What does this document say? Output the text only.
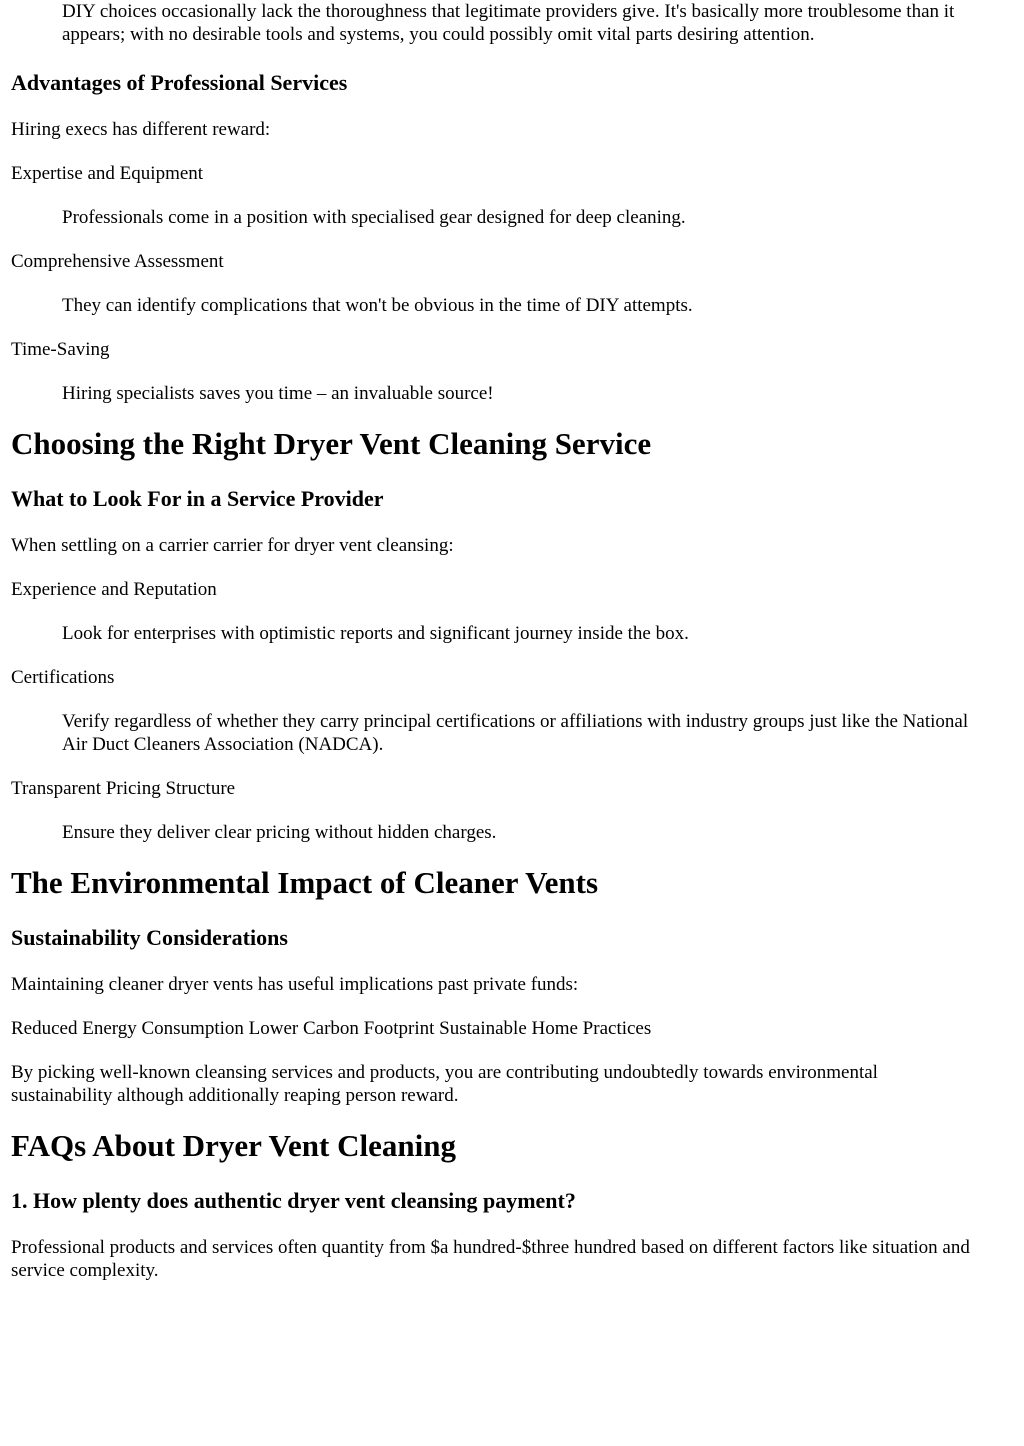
DIY choices occasionally lack the thoroughness that legitimate providers give. It's basically more troublesome than it appears; with no desirable tools and systems, you could possibly omit vital parts desiring attention.

Advantages of Professional Services

Hiring execs has different reward:

Expertise and Equipment

Professionals come in a position with specialised gear designed for deep cleaning.

Comprehensive Assessment

They can identify complications that won't be obvious in the time of DIY attempts.

Time-Saving

Hiring specialists saves you time – an invaluable source!

Choosing the Right Dryer Vent Cleaning Service
What to Look For in a Service Provider

When settling on a carrier carrier for dryer vent cleansing:

Experience and Reputation

Look for enterprises with optimistic reports and significant journey inside the box.

Certifications

Verify regardless of whether they carry principal certifications or affiliations with industry groups just like the National Air Duct Cleaners Association (NADCA).

Transparent Pricing Structure

Ensure they deliver clear pricing without hidden charges.

The Environmental Impact of Cleaner Vents
Sustainability Considerations

Maintaining cleaner dryer vents has useful implications past private funds:

Reduced Energy Consumption Lower Carbon Footprint Sustainable Home Practices

By picking well-known cleansing services and products, you are contributing undoubtedly towards environmental sustainability although additionally reaping person reward.

FAQs About Dryer Vent Cleaning
1. How plenty does authentic dryer vent cleansing payment?

Professional products and services often quantity from $a hundred-$three hundred based on different factors like situation and service complexity.
